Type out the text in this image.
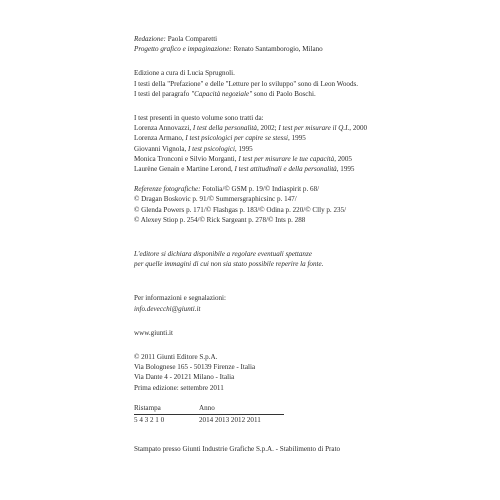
Redazione: Paola Comparetti
Progetto grafico e impaginazione: Renato Santamborogio, Milano
Edizione a cura di Lucia Sprugnoli.
I testi della "Prefazione" e delle "Letture per lo sviluppo" sono di Leon Woods.
I testi del paragrafo "Capacità negoziale" sono di Paolo Boschi.
I test presenti in questo volume sono tratti da:
Lorenza Annovazzi, I test della personalità, 2002; I test per misurare il Q.I., 2000
Lorenza Armano, I test psicologici per capire se stessi, 1995
Giovanni Vignola, I test psicologici, 1995
Monica Tronconi e Silvio Morganti, I test per misurare le tue capacità, 2005
Laurène Genain e Martine Lerond, I test attitudinali e della personalità, 1995
Referenze fotografiche: Fotolia/© GSM p. 19/© Indiaspirit p. 68/
© Dragan Boskovic p. 91/© Summersgraphicsinc p. 147/
© Glenda Powers p. 171/© Flashgas p. 183/© Odina p. 220/© Clly p. 235/
© Alexey Stiop p. 254/© Rick Sargeant p. 278/© Ints p. 288
L'editore si dichiara disponibile a regolare eventuali spettanze
per quelle immagini di cui non sia stato possibile reperire la fonte.
Per informazioni e segnalazioni:
info.devecchi@giunti.it
www.giunti.it
© 2011 Giunti Editore S.p.A.
Via Bolognese 165 - 50139 Firenze - Italia
Via Dante 4 - 20121 Milano - Italia
Prima edizione: settembre 2011
Ristampa	Anno
5 4 3 2 1 0	2014 2013 2012 2011
Stampato presso Giunti Industrie Grafiche S.p.A. - Stabilimento di Prato
